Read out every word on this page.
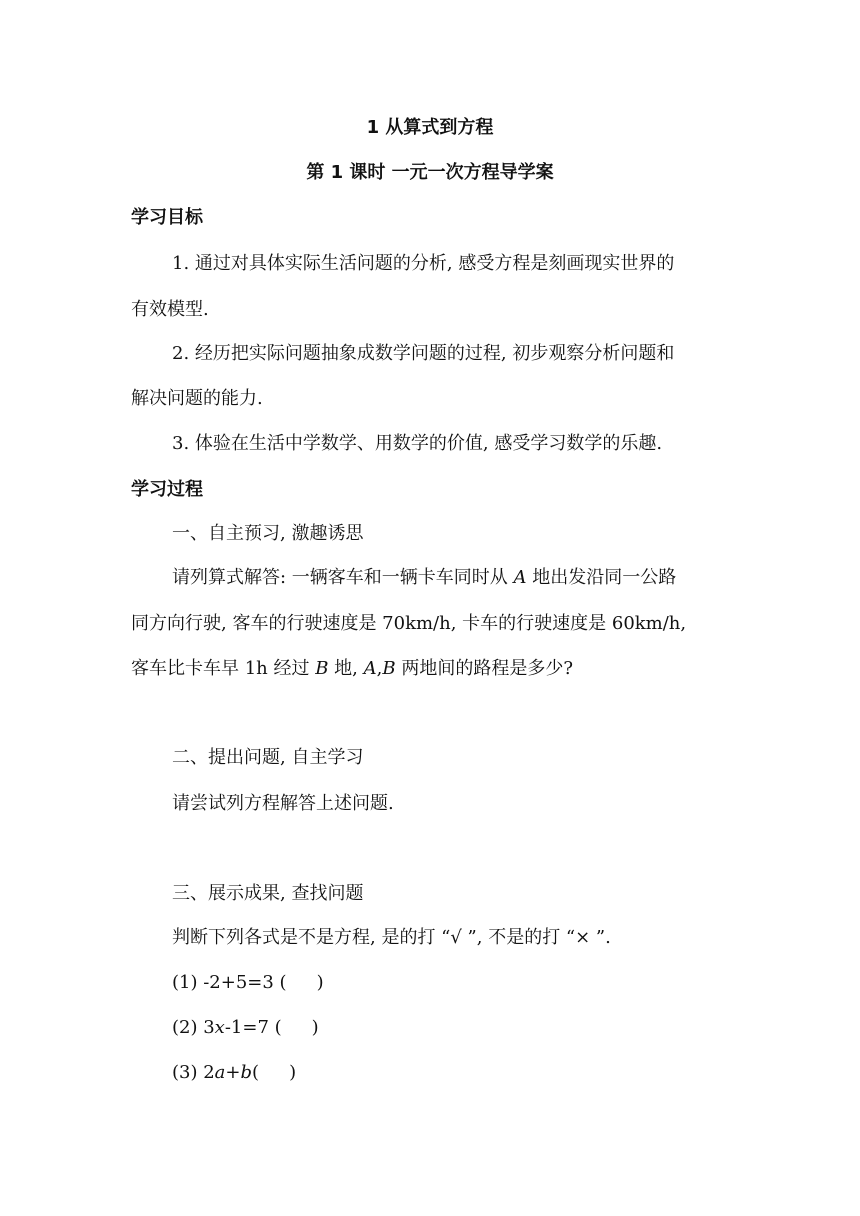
1 从算式到方程
第 1 课时 一元一次方程导学案
学习目标
1. 通过对具体实际生活问题的分析, 感受方程是刻画现实世界的
有效模型.
2. 经历把实际问题抽象成数学问题的过程, 初步观察分析问题和
解决问题的能力.
3. 体验在生活中学数学、用数学的价值, 感受学习数学的乐趣.
学习过程
一、自主预习, 激趣诱思
请列算式解答: 一辆客车和一辆卡车同时从 A 地出发沿同一公路
同方向行驶, 客车的行驶速度是 70km/h, 卡车的行驶速度是 60km/h,
客车比卡车早 1h 经过 B 地, A,B 两地间的路程是多少?
二、提出问题, 自主学习
请尝试列方程解答上述问题.
三、展示成果, 查找问题
判断下列各式是不是方程, 是的打 “√ ”, 不是的打 “× ”.
(1) -2+5=3 ( )
(2) 3x-1=7 ( )
(3) 2a+b( )
